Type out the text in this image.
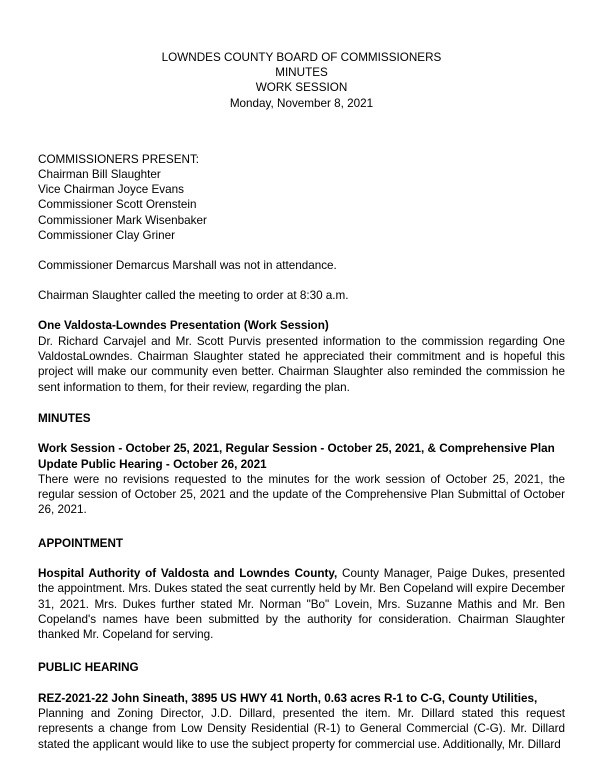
LOWNDES COUNTY BOARD OF COMMISSIONERS
MINUTES
WORK SESSION
Monday, November 8, 2021
COMMISSIONERS PRESENT:
Chairman Bill Slaughter
Vice Chairman Joyce Evans
Commissioner Scott Orenstein
Commissioner Mark Wisenbaker
Commissioner Clay Griner
Commissioner Demarcus Marshall was not in attendance.
Chairman Slaughter called the meeting to order at 8:30 a.m.

One Valdosta-Lowndes Presentation (Work Session)

Dr. Richard Carvajel and Mr. Scott Purvis presented information to the commission regarding One ValdostaLowndes. Chairman Slaughter stated he appreciated their commitment and is hopeful this project will make our community even better. Chairman Slaughter also reminded the commission he sent information to them, for their review, regarding the plan.

MINUTES

Work Session - October 25, 2021, Regular Session - October 25, 2021, & Comprehensive Plan Update Public Hearing - October 26, 2021

There were no revisions requested to the minutes for the work session of October 25, 2021, the regular session of October 25, 2021 and the update of the Comprehensive Plan Submittal of October 26, 2021.

APPOINTMENT

Hospital Authority of Valdosta and Lowndes County, County Manager, Paige Dukes, presented the appointment. Mrs. Dukes stated the seat currently held by Mr. Ben Copeland will expire December 31, 2021. Mrs. Dukes further stated Mr. Norman "Bo" Lovein, Mrs. Suzanne Mathis and Mr. Ben Copeland's names have been submitted by the authority for consideration. Chairman Slaughter thanked Mr. Copeland for serving.

PUBLIC HEARING

REZ-2021-22 John Sineath, 3895 US HWY 41 North, 0.63 acres R-1 to C-G, County Utilities,

Planning and Zoning Director, J.D. Dillard, presented the item. Mr. Dillard stated this request represents a change from Low Density Residential (R-1) to General Commercial (C-G). Mr. Dillard stated the applicant would like to use the subject property for commercial use. Additionally, Mr. Dillard
